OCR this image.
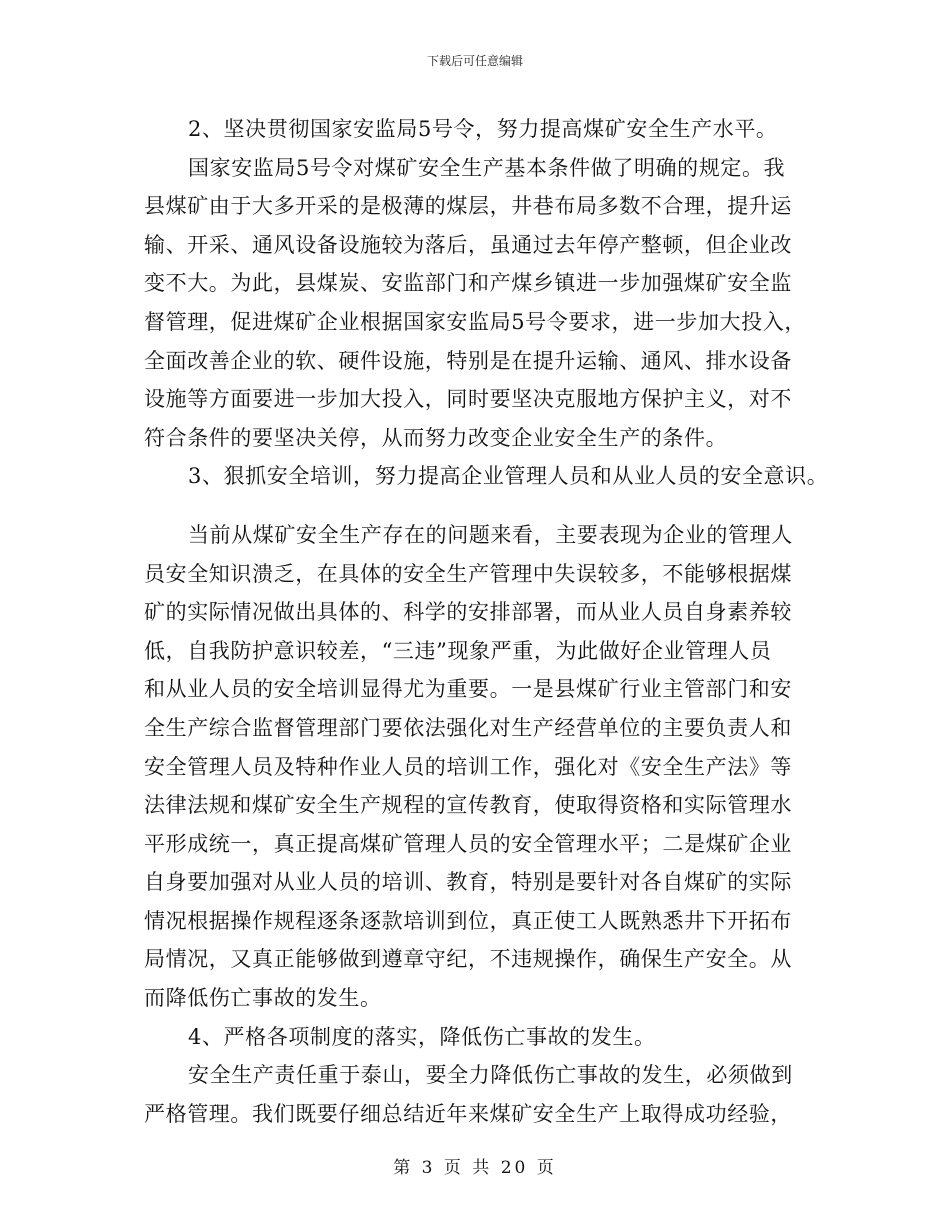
下载后可任意编辑
2、坚决贯彻国家安监局5号令，努力提高煤矿安全生产水平。
国家安监局5号令对煤矿安全生产基本条件做了明确的规定。我
县煤矿由于大多开采的是极薄的煤层，井巷布局多数不合理，提升运
输、开采、通风设备设施较为落后，虽通过去年停产整顿，但企业改
变不大。为此，县煤炭、安监部门和产煤乡镇进一步加强煤矿安全监
督管理，促进煤矿企业根据国家安监局5号令要求，进一步加大投入，
全面改善企业的软、硬件设施，特别是在提升运输、通风、排水设备
设施等方面要进一步加大投入，同时要坚决克服地方保护主义，对不
符合条件的要坚决关停，从而努力改变企业安全生产的条件。
3、狠抓安全培训，努力提高企业管理人员和从业人员的安全意识。
当前从煤矿安全生产存在的问题来看，主要表现为企业的管理人
员安全知识溃乏，在具体的安全生产管理中失误较多，不能够根据煤
矿的实际情况做出具体的、科学的安排部署，而从业人员自身素养较
低，自我防护意识较差，“三违”现象严重，为此做好企业管理人员
和从业人员的安全培训显得尤为重要。一是县煤矿行业主管部门和安
全生产综合监督管理部门要依法强化对生产经营单位的主要负责人和
安全管理人员及特种作业人员的培训工作，强化对《安全生产法》等
法律法规和煤矿安全生产规程的宣传教育，使取得资格和实际管理水
平形成统一，真正提高煤矿管理人员的安全管理水平；二是煤矿企业
自身要加强对从业人员的培训、教育，特别是要针对各自煤矿的实际
情况根据操作规程逐条逐款培训到位，真正使工人既熟悉井下开拓布
局情况，又真正能够做到遵章守纪，不违规操作，确保生产安全。从
而降低伤亡事故的发生。
4、严格各项制度的落实，降低伤亡事故的发生。
安全生产责任重于泰山，要全力降低伤亡事故的发生，必须做到
严格管理。我们既要仔细总结近年来煤矿安全生产上取得成功经验，
第 3 页 共 20 页
